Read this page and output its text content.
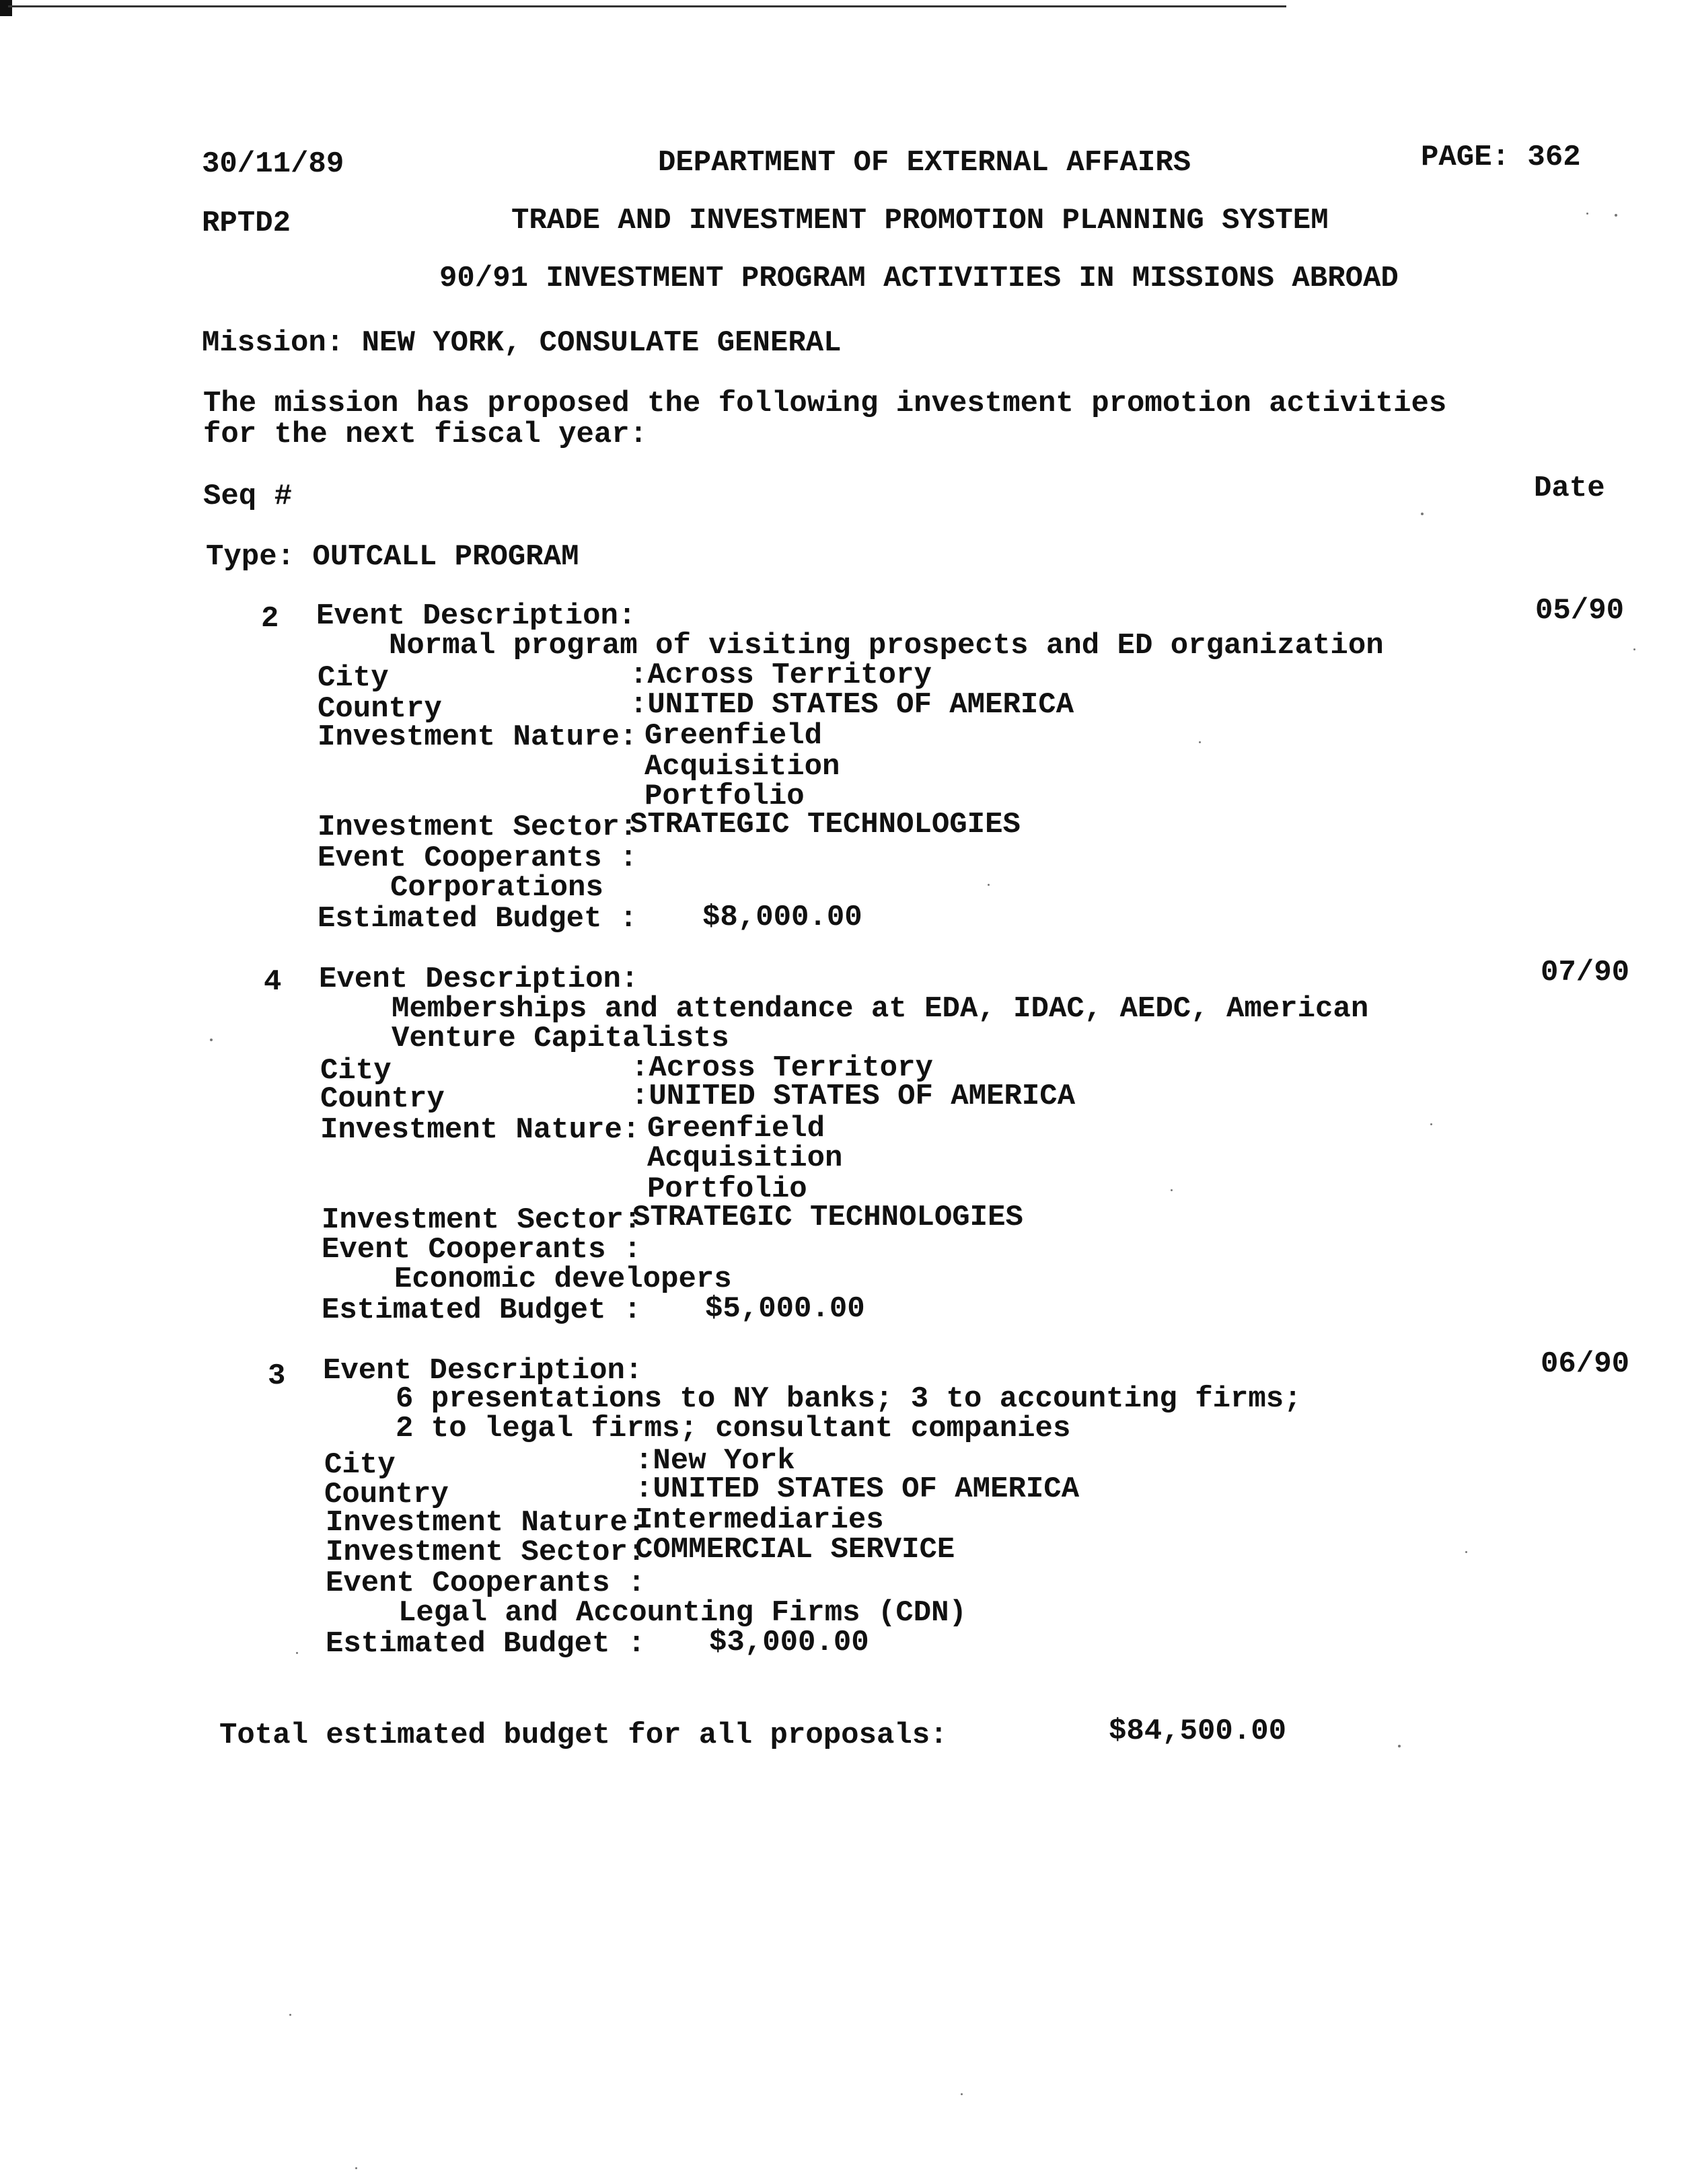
30/11/89	DEPARTMENT OF EXTERNAL AFFAIRS	PAGE: 362
RPTD2	TRADE AND INVESTMENT PROMOTION PLANNING SYSTEM
90/91 INVESTMENT PROGRAM ACTIVITIES IN MISSIONS ABROAD
Mission: NEW YORK, CONSULATE GENERAL
The mission has proposed the following investment promotion activities
for the next fiscal year:
Seq #	Date
Type: OUTCALL PROGRAM
2 Event Description:	05/90
Normal program of visiting prospects and ED organization
City	:Across Territory
Country	:UNITED STATES OF AMERICA
Investment Nature: Greenfield
Acquisition
Portfolio
Investment Sector:
STRATEGIC TECHNOLOGIES
Event Cooperants :
Corporations
Estimated Budget : $8,000.00
4 Event Description:	07/90
Memberships and attendance at EDA, IDAC, AEDC, American
Venture Capitalists
City	:Across Territory
Country	:UNITED STATES OF AMERICA
Investment Nature: Greenfield
Acquisition
Portfolio
Investment Sector:
STRATEGIC TECHNOLOGIES
Event Cooperants :
Economic developers
Estimated Budget : $5,000.00
3 Event Description:	06/90
6 presentations to NY banks; 3 to accounting firms;
2 to legal firms; consultant companies
City	:New York
Country	:UNITED STATES OF AMERICA
Investment Nature:
Intermediaries
Investment Sector:
COMMERCIAL SERVICE
Event Cooperants :
Legal and Accounting Firms (CDN)
Estimated Budget : $3,000.00
Total estimated budget for all proposals:	$84,500.00
